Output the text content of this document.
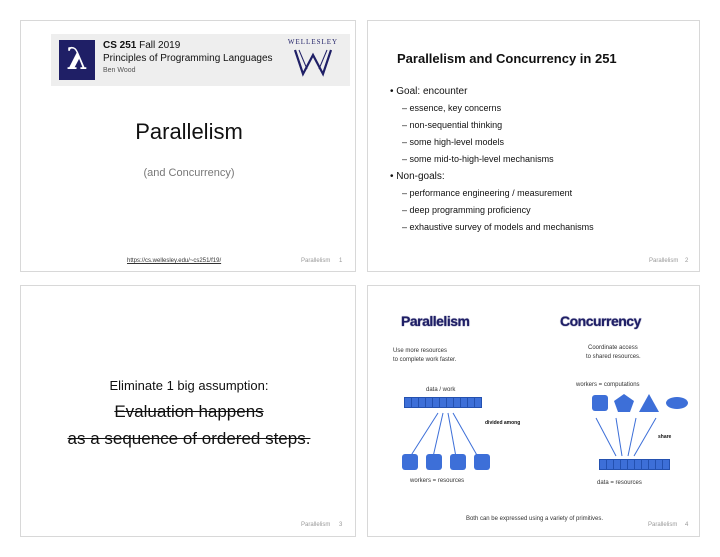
λ	CS 251 Fall 2019
Principles of Programming Languages
Ben Wood
WELLESLEY
Parallelism
(and Concurrency)
https://cs.wellesley.edu/~cs251/f19/	Parallelism 1
Parallelism and Concurrency in 251
• Goal: encounter
– essence, key concerns
– non-sequential thinking
– some high-level models
– some mid-to-high-level mechanisms
• Non-goals:
– performance engineering / measurement
– deep programming proficiency
– exhaustive survey of models and mechanisms
Parallelism 2
Eliminate 1 big assumption:
Evaluation happens
as a sequence of ordered steps.
Parallelism 3
Parallelism	Concurrency
Use more resources
to complete work faster.
Coordinate access
to shared resources.
data / work
divided among
workers = resources
workers = computations
share
data = resources
Both can be expressed using a variety of primitives.
Parallelism 4
